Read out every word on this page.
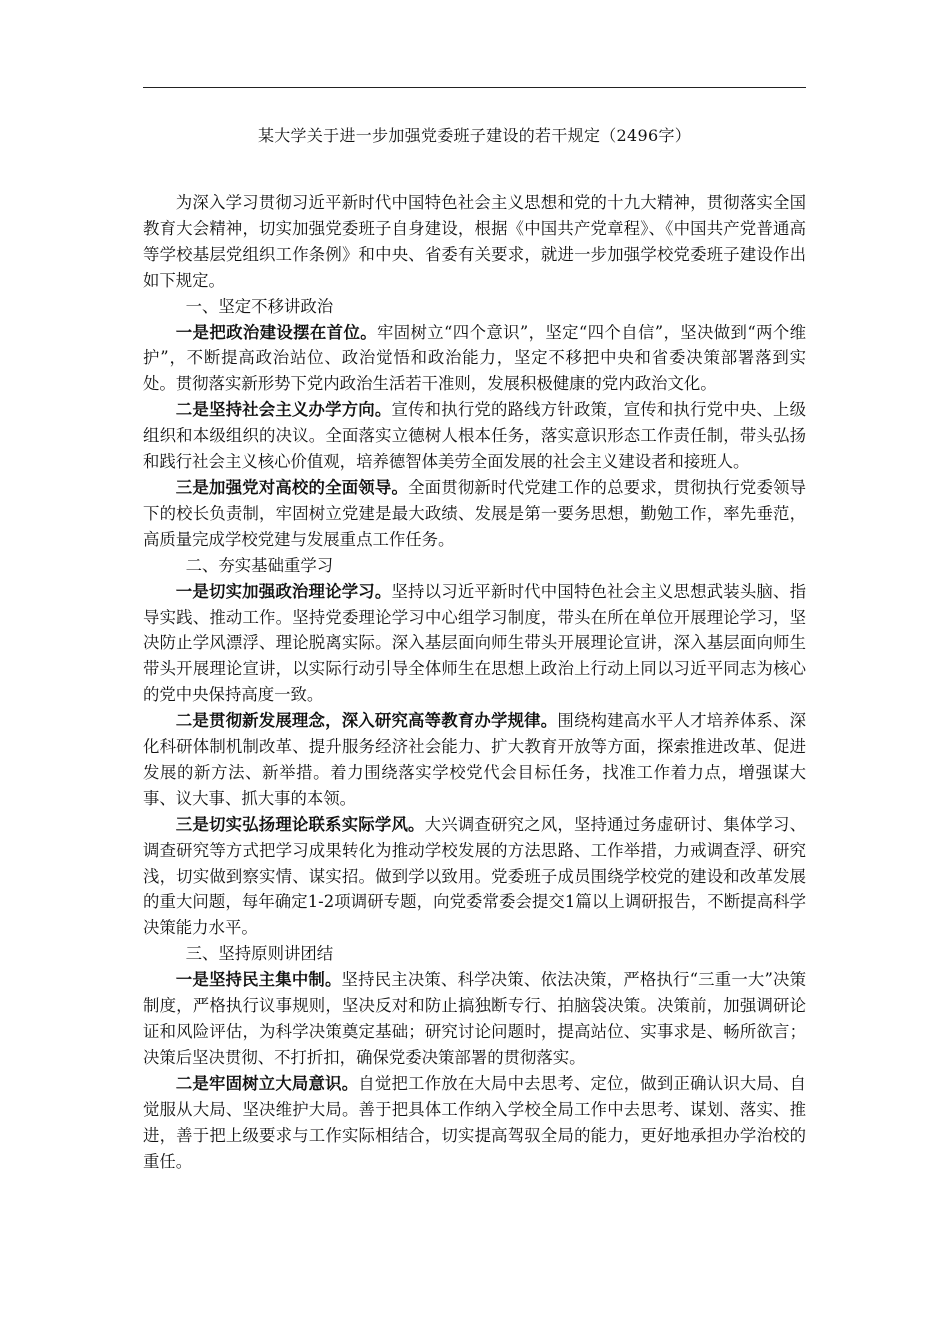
某大学关于进一步加强党委班子建设的若干规定（2496字）

为深入学习贯彻习近平新时代中国特色社会主义思想和党的十九大精神，贯彻落实全国教育大会精神，切实加强党委班子自身建设，根据《中国共产党章程》、《中国共产党普通高等学校基层党组织工作条例》和中央、省委有关要求，就进一步加强学校党委班子建设作出如下规定。

一、坚定不移讲政治

一是把政治建设摆在首位。牢固树立“四个意识”，坚定“四个自信”，坚决做到“两个维护”，不断提高政治站位、政治觉悟和政治能力，坚定不移把中央和省委决策部署落到实处。贯彻落实新形势下党内政治生活若干准则，发展积极健康的党内政治文化。

二是坚持社会主义办学方向。宣传和执行党的路线方针政策，宣传和执行党中央、上级组织和本级组织的决议。全面落实立德树人根本任务，落实意识形态工作责任制，带头弘扬和践行社会主义核心价值观，培养德智体美劳全面发展的社会主义建设者和接班人。

三是加强党对高校的全面领导。全面贯彻新时代党建工作的总要求，贯彻执行党委领导下的校长负责制，牢固树立党建是最大政绩、发展是第一要务思想，勤勉工作，率先垂范，高质量完成学校党建与发展重点工作任务。

二、夯实基础重学习

一是切实加强政治理论学习。坚持以习近平新时代中国特色社会主义思想武装头脑、指导实践、推动工作。坚持党委理论学习中心组学习制度，带头在所在单位开展理论学习，坚决防止学风漂浮、理论脱离实际。深入基层面向师生带头开展理论宣讲，深入基层面向师生带头开展理论宣讲，以实际行动引导全体师生在思想上政治上行动上同以习近平同志为核心的党中央保持高度一致。

二是贯彻新发展理念，深入研究高等教育办学规律。围绕构建高水平人才培养体系、深化科研体制机制改革、提升服务经济社会能力、扩大教育开放等方面，探索推进改革、促进发展的新方法、新举措。着力围绕落实学校党代会目标任务，找准工作着力点，增强谋大事、议大事、抓大事的本领。

三是切实弘扬理论联系实际学风。大兴调查研究之风，坚持通过务虚研讨、集体学习、调查研究等方式把学习成果转化为推动学校发展的方法思路、工作举措，力戒调查浮、研究浅，切实做到察实情、谋实招。做到学以致用。党委班子成员围绕学校党的建设和改革发展的重大问题，每年确定1-2项调研专题，向党委常委会提交1篇以上调研报告，不断提高科学决策能力水平。

三、坚持原则讲团结

一是坚持民主集中制。坚持民主决策、科学决策、依法决策，严格执行“三重一大”决策制度，严格执行议事规则，坚决反对和防止搞独断专行、拍脑袋决策。决策前，加强调研论证和风险评估，为科学决策奠定基础；研究讨论问题时，提高站位、实事求是、畅所欲言；决策后坚决贯彻、不打折扣，确保党委决策部署的贯彻落实。

二是牢固树立大局意识。自觉把工作放在大局中去思考、定位，做到正确认识大局、自觉服从大局、坚决维护大局。善于把具体工作纳入学校全局工作中去思考、谋划、落实、推进，善于把上级要求与工作实际相结合，切实提高驾驭全局的能力，更好地承担办学治校的重任。
